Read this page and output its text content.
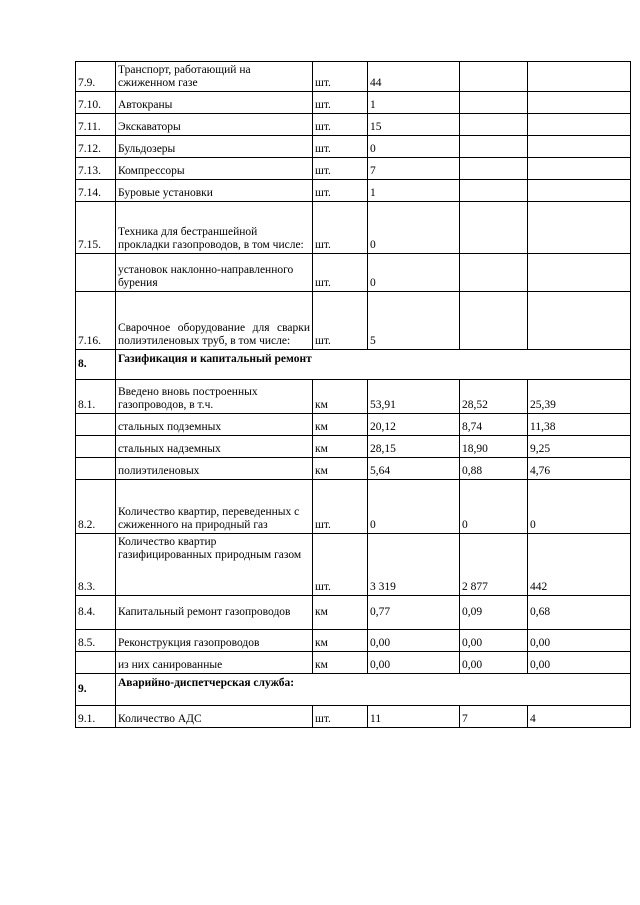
7.9.	Транспорт, работающий на сжиженном газе	шт.	44		
7.10.	Автокраны	шт.	1		
7.11.	Экскаваторы	шт.	15		
7.12.	Бульдозеры	шт.	0		
7.13.	Компрессоры	шт.	7		
7.14.	Буровые установки	шт.	1		
7.15.	Техника для бестраншейной прокладки газопроводов, в том числе:	шт.	0		
	установок наклонно-направленного бурения	шт.	0		
7.16.	Сварочное оборудование для сварки полиэтиленовых труб, в том числе:	шт.	5		
8.	Газификация и капитальный ремонт				
8.1.	Введено вновь построенных газопроводов, в т.ч.	км	53,91	28,52	25,39
	стальных подземных	км	20,12	8,74	11,38
	стальных надземных	км	28,15	18,90	9,25
	полиэтиленовых	км	5,64	0,88	4,76
8.2.	Количество квартир, переведенных с сжиженного на природный газ	шт.	0	0	0
8.3.	Количество квартир газифицированных природным газом	шт.	3 319	2 877	442
8.4.	Капитальный ремонт газопроводов	км	0,77	0,09	0,68
8.5.	Реконструкция газопроводов	км	0,00	0,00	0,00
	из них санированные	км	0,00	0,00	0,00
9.	Аварийно-диспетчерская служба:				
9.1.	Количество АДС	шт.	11	7	4
